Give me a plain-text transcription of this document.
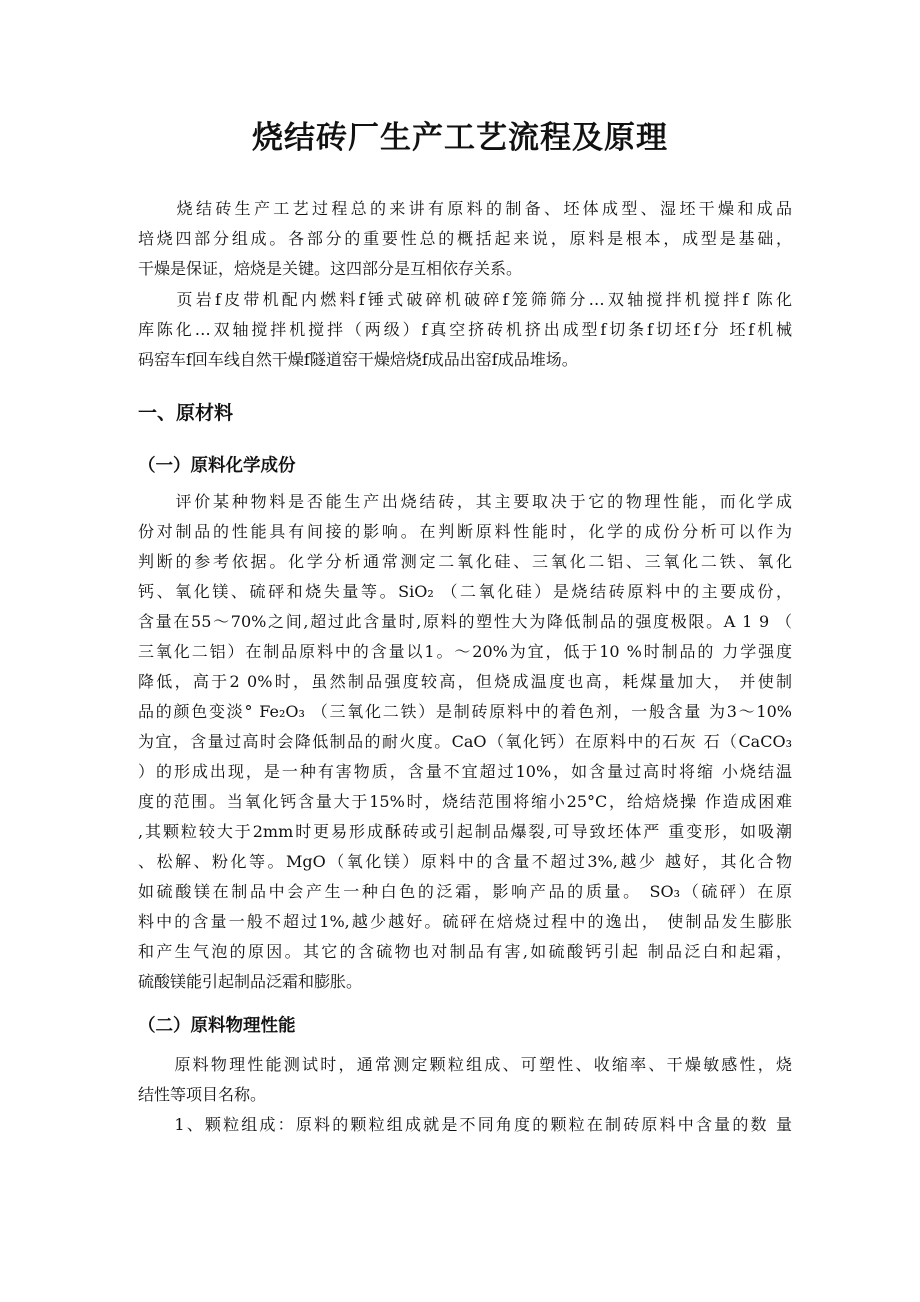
烧结砖厂生产工艺流程及原理
　　烧结砖生产工艺过程总的来讲有原料的制备、坯体成型、湿坯干燥和成品
培烧四部分组成。各部分的重要性总的概括起来说，原料是根本，成型是基础，
干燥是保证，焙烧是关键。这四部分是互相依存关系。
　　页岩f皮带机配内燃料f锤式破碎机破碎f笼筛筛分…双轴搅拌机搅拌f 陈化
库陈化…双轴搅拌机搅拌（两级）f真空挤砖机挤出成型f切条f切坯f分 坯f机械
码窑车f回车线自然干燥f隧道窑干燥焙烧f成品出窑f成品堆场。
一、原材料
（一）原料化学成份
　　评价某种物料是否能生产出烧结砖，其主要取决于它的物理性能，而化学成
份对制品的性能具有间接的影响。在判断原料性能时，化学的成份分析可以作为
判断的参考依据。化学分析通常测定二氧化硅、三氧化二铝、三氧化二铁、氧化
钙、氧化镁、硫砰和烧失量等。SiO₂ （二氧化硅）是烧结砖原料中的主要成份，
含量在55〜70%之间,超过此含量时,原料的塑性大为降低制品的强度极限。A 1 9 （
三氧化二铝）在制品原料中的含量以1。〜20%为宜，低于10 %时制品的 力学强度
降低，高于2 0%时，虽然制品强度较高，但烧成温度也高，耗煤量加大， 并使制
品的颜色变淡° Fe₂O₃ （三氧化二铁）是制砖原料中的着色剂，一般含量 为3〜10%
为宜，含量过高时会降低制品的耐火度。CaO（氧化钙）在原料中的石灰 石（CaCO₃
）的形成出现，是一种有害物质，含量不宜超过10%，如含量过高时将缩 小烧结温
度的范围。当氧化钙含量大于15%时，烧结范围将缩小25°C，给焙烧操 作造成困难
,其颗粒较大于2mm时更易形成酥砖或引起制品爆裂,可导致坯体严 重变形，如吸潮
、松解、粉化等。MgO（氧化镁）原料中的含量不超过3%,越少 越好，其化合物
如硫酸镁在制品中会产生一种白色的泛霜，影响产品的质量。 SO₃（硫砰）在原
料中的含量一般不超过1%,越少越好。硫砰在焙烧过程中的逸出， 使制品发生膨胀
和产生气泡的原因。其它的含硫物也对制品有害,如硫酸钙引起 制品泛白和起霜，
硫酸镁能引起制品泛霜和膨胀。
（二）原料物理性能
　　原料物理性能测试时，通常测定颗粒组成、可塑性、收缩率、干燥敏感性，烧
结性等项目名称。
　　1、颗粒组成：原料的颗粒组成就是不同角度的颗粒在制砖原料中含量的数 量
